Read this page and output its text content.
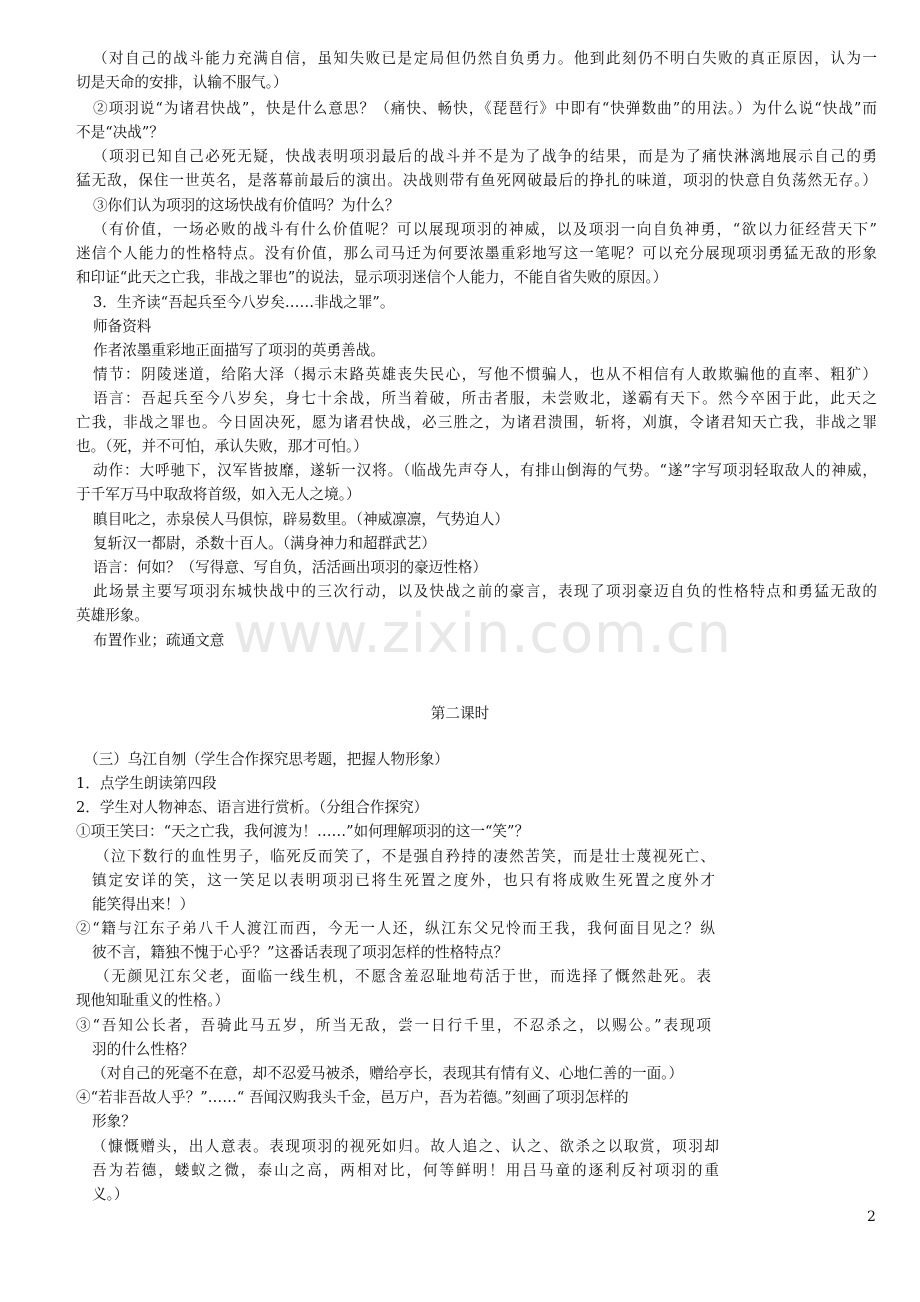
（对自己的战斗能力充满自信，虽知失败已是定局但仍然自负勇力。他到此刻仍不明白失败的真正原因，认为一
切是天命的安排，认输不服气。）
②项羽说“为诸君快战”，快是什么意思？（痛快、畅快，《琵琶行》中即有“快弹数曲”的用法。）为什么说“快战”而
不是“决战”？
（项羽已知自己必死无疑，快战表明项羽最后的战斗并不是为了战争的结果，而是为了痛快淋漓地展示自己的勇
猛无敌，保住一世英名，是落幕前最后的演出。决战则带有鱼死网破最后的挣扎的味道，项羽的快意自负荡然无存。）
③你们认为项羽的这场快战有价值吗？为什么？
（有价值，一场必败的战斗有什么价值呢？可以展现项羽的神威，以及项羽一向自负神勇，“欲以力征经营天下”
迷信个人能力的性格特点。没有价值，那么司马迁为何要浓墨重彩地写这一笔呢？可以充分展现项羽勇猛无敌的形象
和印证“此天之亡我，非战之罪也”的说法，显示项羽迷信个人能力，不能自省失败的原因。）
3．生齐读“吾起兵至今八岁矣……非战之罪”。
师备资料
作者浓墨重彩地正面描写了项羽的英勇善战。
情节：阴陵迷道，给陷大泽（揭示末路英雄丧失民心，写他不惯骗人，也从不相信有人敢欺骗他的直率、粗犷）
语言：吾起兵至今八岁矣，身七十余战，所当着破，所击者服，未尝败北，遂霸有天下。然今卒困于此，此天之
亡我，非战之罪也。今日固决死，愿为诸君快战，必三胜之，为诸君溃围，斩将，刈旗，令诸君知天亡我，非战之罪
也。（死，并不可怕，承认失败，那才可怕。）
动作：大呼驰下，汉军皆披靡，遂斩一汉将。（临战先声夺人，有排山倒海的气势。“遂”字写项羽轻取敌人的神威，
于千军万马中取敌将首级，如入无人之境。）
瞋目叱之，赤泉侯人马俱惊，辟易数里。（神威凛凛，气势迫人）
复斩汉一都尉，杀数十百人。（满身神力和超群武艺）
语言：何如？（写得意、写自负，活活画出项羽的豪迈性格）
此场景主要写项羽东城快战中的三次行动，以及快战之前的豪言，表现了项羽豪迈自负的性格特点和勇猛无敌的
英雄形象。
布置作业；疏通文意 www.zixin.com.cn
第二课时
（三）乌江自刎（学生合作探究思考题，把握人物形象）
1．点学生朗读第四段
2．学生对人物神态、语言进行赏析。（分组合作探究）
①项王笑曰：“天之亡我，我何渡为！……”如何理解项羽的这一“笑”？
（泣下数行的血性男子，临死反而笑了，不是强自矜持的凄然苦笑，而是壮士蔑视死亡、
镇定安详的笑，这一笑足以表明项羽已将生死置之度外，也只有将成败生死置之度外才
能笑得出来！）
②“籍与江东子弟八千人渡江而西，今无一人还，纵江东父兄怜而王我，我何面目见之？纵
彼不言，籍独不愧于心乎？”这番话表现了项羽怎样的性格特点？
（无颜见江东父老，面临一线生机，不愿含羞忍耻地苟活于世，而选择了慨然赴死。表
现他知耻重义的性格。）
③“吾知公长者，吾骑此马五岁，所当无敌，尝一日行千里，不忍杀之，以赐公。”表现项
羽的什么性格？
（对自己的死毫不在意，却不忍爱马被杀，赠给亭长，表现其有情有义、心地仁善的一面。）
④“若非吾故人乎？”……“ 吾闻汉购我头千金，邑万户，吾为若德。”刻画了项羽怎样的
形象？
（慷慨赠头，出人意表。表现项羽的视死如归。故人追之、认之、欲杀之以取赏，项羽却
吾为若德，蝼蚁之微，泰山之高，两相对比，何等鲜明！用吕马童的逐利反衬项羽的重
义。）
2
